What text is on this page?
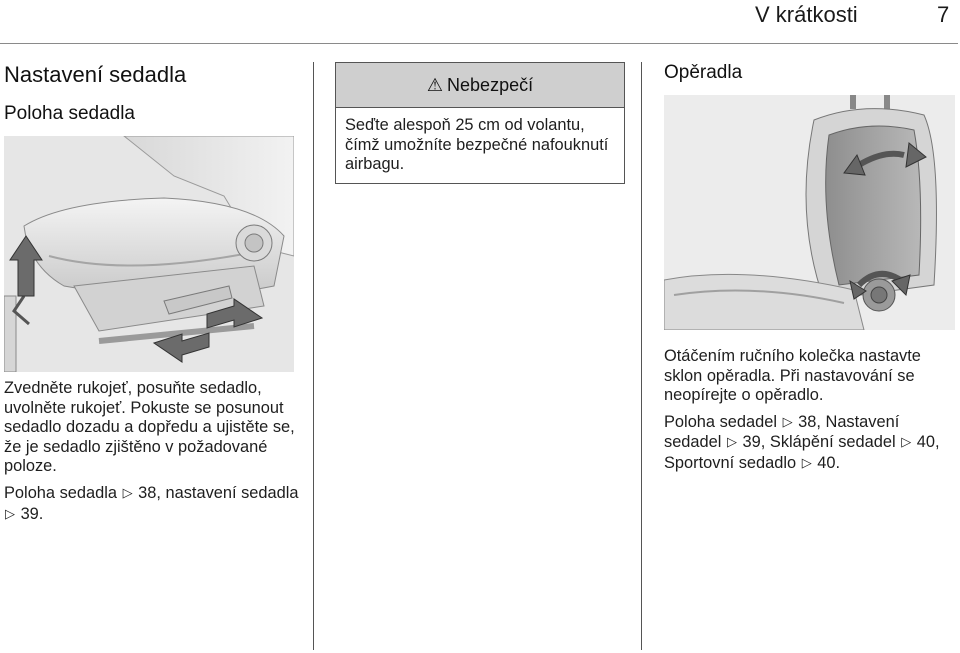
V krátkosti	7
Nastavení sedadla
Poloha sedadla

Zvedněte rukojeť, posuňte sedadlo, uvolněte rukojeť. Pokuste se posunout sedadlo dozadu a dopředu a ujistěte se, že je sedadlo zjištěno v požadované poloze.

Poloha sedadla ▷ 38, nastavení sedadla ▷ 39.

⚠ Nebezpečí
Seďte alespoň 25 cm od volantu, čímž umožníte bezpečné nafouknutí airbagu.
Opěradla

Otáčením ručního kolečka nastavte sklon opěradla. Při nastavování se neopírejte o opěradlo.

Poloha sedadel ▷ 38, Nastavení sedadel ▷ 39, Sklápění sedadel ▷ 40, Sportovní sedadlo ▷ 40.
